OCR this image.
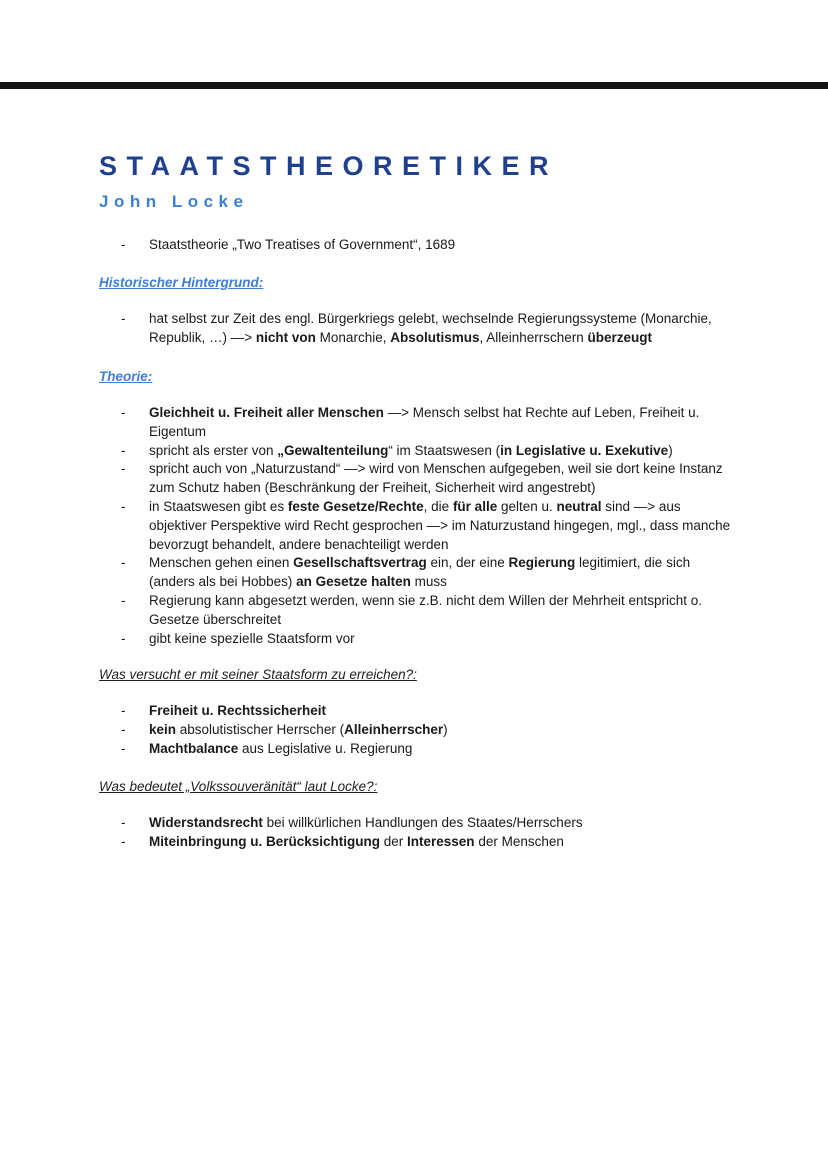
STAATSTHEORETIKER
John Locke
- Staatstheorie „Two Treatises of Government“, 1689
Historischer Hintergrund:
- hat selbst zur Zeit des engl. Bürgerkriegs gelebt, wechselnde Regierungssysteme (Monarchie, Republik, …) —> nicht von Monarchie, Absolutismus, Alleinherrschern überzeugt
Theorie:
- Gleichheit u. Freiheit aller Menschen —> Mensch selbst hat Rechte auf Leben, Freiheit u. Eigentum
- spricht als erster von „Gewaltenteilung“ im Staatswesen (in Legislative u. Exekutive)
- spricht auch von „Naturzustand“ —> wird von Menschen aufgegeben, weil sie dort keine Instanz zum Schutz haben (Beschränkung der Freiheit, Sicherheit wird angestrebt)
- in Staatswesen gibt es feste Gesetze/Rechte, die für alle gelten u. neutral sind —> aus objektiver Perspektive wird Recht gesprochen —> im Naturzustand hingegen, mgl., dass manche bevorzugt behandelt, andere benachteiligt werden
- Menschen gehen einen Gesellschaftsvertrag ein, der eine Regierung legitimiert, die sich (anders als bei Hobbes) an Gesetze halten muss
- Regierung kann abgesetzt werden, wenn sie z.B. nicht dem Willen der Mehrheit entspricht o. Gesetze überschreitet
- gibt keine spezielle Staatsform vor
Was versucht er mit seiner Staatsform zu erreichen?:
- Freiheit u. Rechtssicherheit
- kein absolutistischer Herrscher (Alleinherrscher)
- Machtbalance aus Legislative u. Regierung
Was bedeutet „Volkssouveränität“ laut Locke?:
- Widerstandsrecht bei willkürlichen Handlungen des Staates/Herrschers
- Miteinbringung u. Berücksichtigung der Interessen der Menschen
